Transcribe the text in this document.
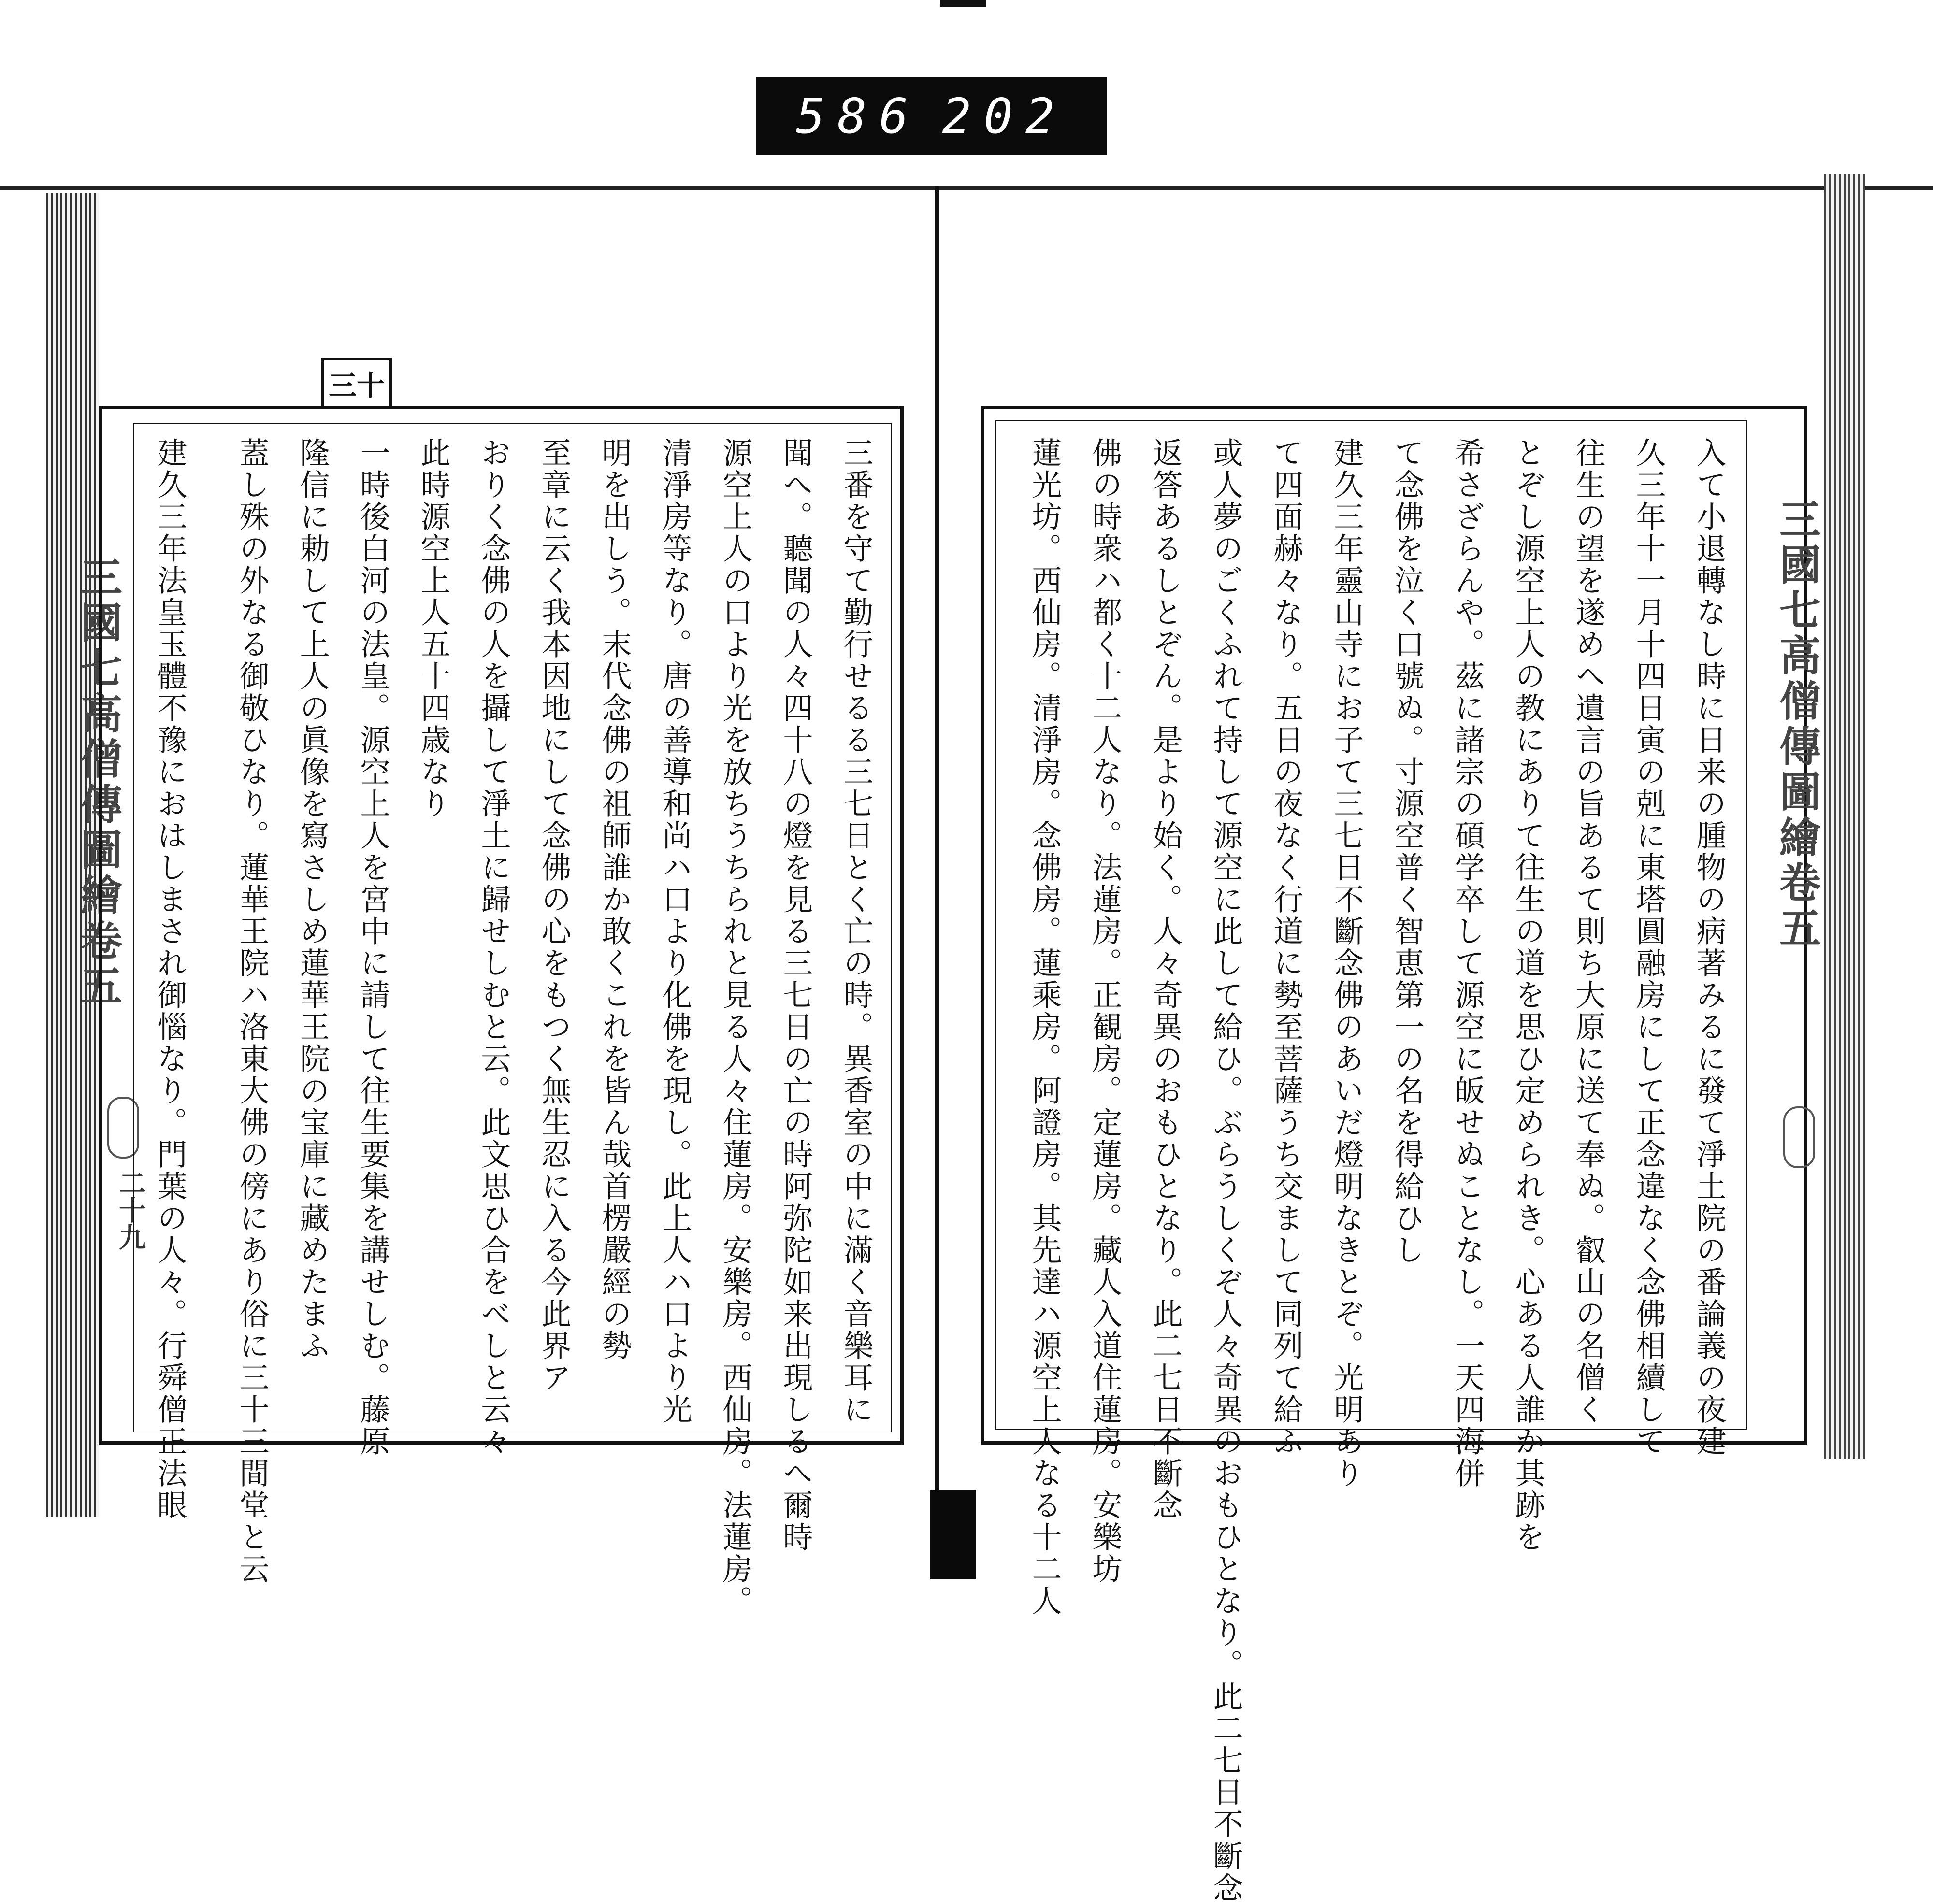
586 202
三十
三國七高僧傳圖繪卷五
二十九	三番を守て勤行せるる三七日とく亡の時。異香室の中に滿く音樂耳に
聞へ。聽聞の人々四十八の燈を見る三七日の亡の時阿弥陀如来出現しるへ爾時
源空上人の口より光を放ちうちられと見る人々住蓮房。安樂房。西仙房。法蓮房。
清淨房等なり。唐の善導和尚ハ口より化佛を現し。此上人ハ口より光
明を出しう。末代念佛の祖師誰か敢くこれを皆ん哉首楞嚴經の勢
至章に云く我本因地にして念佛の心をもつく無生忍に入る今此界ア
おりく念佛の人を攝して淨土に歸せしむと云。此文思ひ合をべしと云々
此時源空上人五十四歳なり
一時後白河の法皇。源空上人を宮中に請して往生要集を講せしむ。藤原
隆信に勅して上人の眞像を寫さしめ蓮華王院の宝庫に藏めたまふ
蓋し殊の外なる御敬ひなり。蓮華王院ハ洛東大佛の傍にあり俗に三十三間堂と云
建久三年法皇玉體不豫におはしまされ御惱なり。門葉の人々。行舜僧正法眼	三國七高僧傳圖繪卷五
入て小退轉なし時に日来の腫物の病著みるに發て淨土院の番論義の夜建
久三年十一月十四日寅の剋に東塔圓融房にして正念違なく念佛相續して
往生の望を遂めへ遺言の旨あるて則ち大原に送て奉ぬ。叡山の名僧く
とぞし源空上人の教にありて往生の道を思ひ定められき。心ある人誰か其跡を
希さざらんや。茲に諸宗の碩学卒して源空に皈せぬことなし。一天四海併
て念佛を泣く口號ぬ。寸源空普く智恵第一の名を得給ひし
建久三年靈山寺にお子て三七日不斷念佛のあいだ燈明なきとぞ。光明あり
て四面赫々なり。五日の夜なく行道に勢至菩薩うち交まして同列て給ふ
或人夢のごくふれて持して源空に此して給ひ。ぶらうしくぞ人々奇異のおもひとなり。此二七日不斷念
返答あるしとぞん。是より始く。人々奇異のおもひとなり。此二七日不斷念
佛の時衆ハ都く十二人なり。法蓮房。正観房。定蓮房。藏人入道住蓮房。安樂坊
蓮光坊。西仙房。清淨房。念佛房。蓮乘房。阿證房。其先達ハ源空上人なる十二人
